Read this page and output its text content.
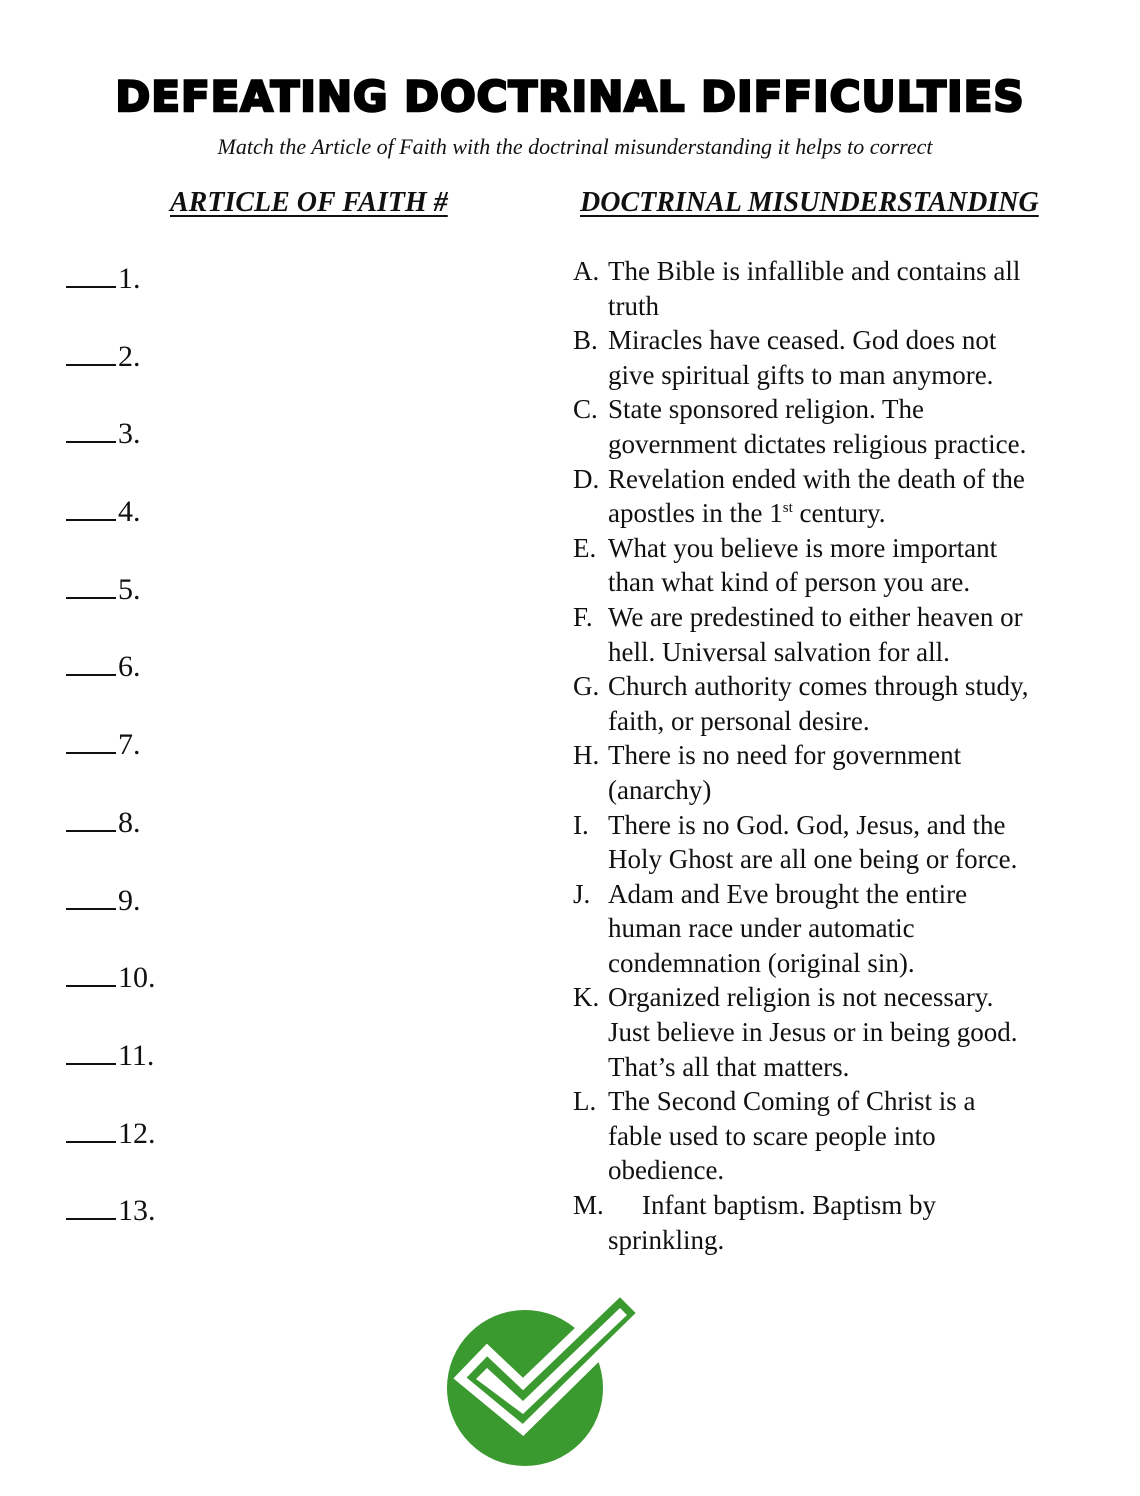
DEFEATING DOCTRINAL DIFFICULTIES
Match the Article of Faith with the doctrinal misunderstanding it helps to correct
ARTICLE OF FAITH #	DOCTRINAL MISUNDERSTANDING
1.
2.
3.
4.
5.
6.
7.
8.
9.
10.
11.
12.
13.
A. The Bible is infallible and contains all
truth
B. Miracles have ceased. God does not
give spiritual gifts to man anymore.
C. State sponsored religion. The
government dictates religious practice.
D. Revelation ended with the death of the
apostles in the 1st century.
E. What you believe is more important
than what kind of person you are.
F. We are predestined to either heaven or
hell. Universal salvation for all.
G. Church authority comes through study,
faith, or personal desire.
H. There is no need for government
(anarchy)
I. There is no God. God, Jesus, and the
Holy Ghost are all one being or force.
J. Adam and Eve brought the entire
human race under automatic
condemnation (original sin).
K. Organized religion is not necessary.
Just believe in Jesus or in being good.
That’s all that matters.
L. The Second Coming of Christ is a
fable used to scare people into
obedience.
M.	Infant baptism. Baptism by
sprinkling.
